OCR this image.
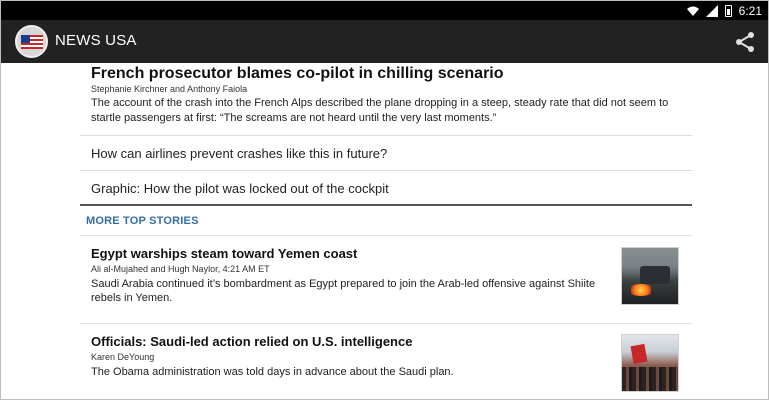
6:21
NEWS USA
French prosecutor blames co-pilot in chilling scenario
Stephanie Kirchner and Anthony Faiola
The account of the crash into the French Alps described the plane dropping in a steep, steady rate that did not seem to startle passengers at first: “The screams are not heard until the very last moments.”
How can airlines prevent crashes like this in future?
Graphic: How the pilot was locked out of the cockpit
MORE TOP STORIES
Egypt warships steam toward Yemen coast
Ali al-Mujahed and Hugh Naylor, 4:21 AM ET
Saudi Arabia continued it’s bombardment as Egypt prepared to join the Arab-led offensive against Shiite rebels in Yemen.
Officials: Saudi-led action relied on U.S. intelligence
Karen DeYoung
The Obama administration was told days in advance about the Saudi plan.
